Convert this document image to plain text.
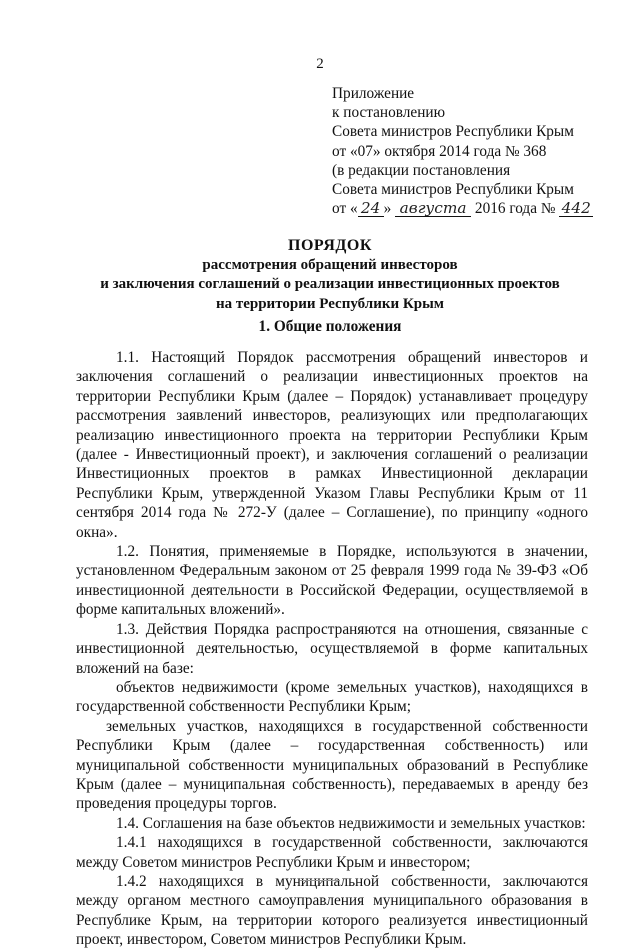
2
Приложение
к постановлению
Совета министров Республики Крым
от «07» октября 2014 года № 368
(в редакции постановления
Совета министров Республики Крым
от « 24 » августа 2016 года № 442
ПОРЯДОК
рассмотрения обращений инвесторов
и заключения соглашений о реализации инвестиционных проектов
на территории Республики Крым
1. Общие положения

1.1. Настоящий Порядок рассмотрения обращений инвесторов и заключения соглашений о реализации инвестиционных проектов на территории Республики Крым (далее – Порядок) устанавливает процедуру рассмотрения заявлений инвесторов, реализующих или предполагающих реализацию инвестиционного проекта на территории Республики Крым (далее - Инвестиционный проект), и заключения соглашений о реализации Инвестиционных проектов в рамках Инвестиционной декларации Республики Крым, утвержденной Указом Главы Республики Крым от 11 сентября 2014 года № 272-У (далее – Соглашение), по принципу «одного окна».

1.2. Понятия, применяемые в Порядке, используются в значении, установленном Федеральным законом от 25 февраля 1999 года № 39-ФЗ «Об инвестиционной деятельности в Российской Федерации, осуществляемой в форме капитальных вложений».

1.3. Действия Порядка распространяются на отношения, связанные с инвестиционной деятельностью, осуществляемой в форме капитальных вложений на базе:

объектов недвижимости (кроме земельных участков), находящихся в государственной собственности Республики Крым;

земельных участков, находящихся в государственной собственности Республики Крым (далее – государственная собственность) или муниципальной собственности муниципальных образований в Республике Крым (далее – муниципальная собственность), передаваемых в аренду без проведения процедуры торгов.

1.4. Соглашения на базе объектов недвижимости и земельных участков:

1.4.1 находящихся в государственной собственности, заключаются между Советом министров Республики Крым и инвестором;

1.4.2 находящихся в муниципальной собственности, заключаются между органом местного самоуправления муниципального образования в Республике Крым, на территории которого реализуется инвестиционный проект, инвестором, Советом министров Республики Крым.
